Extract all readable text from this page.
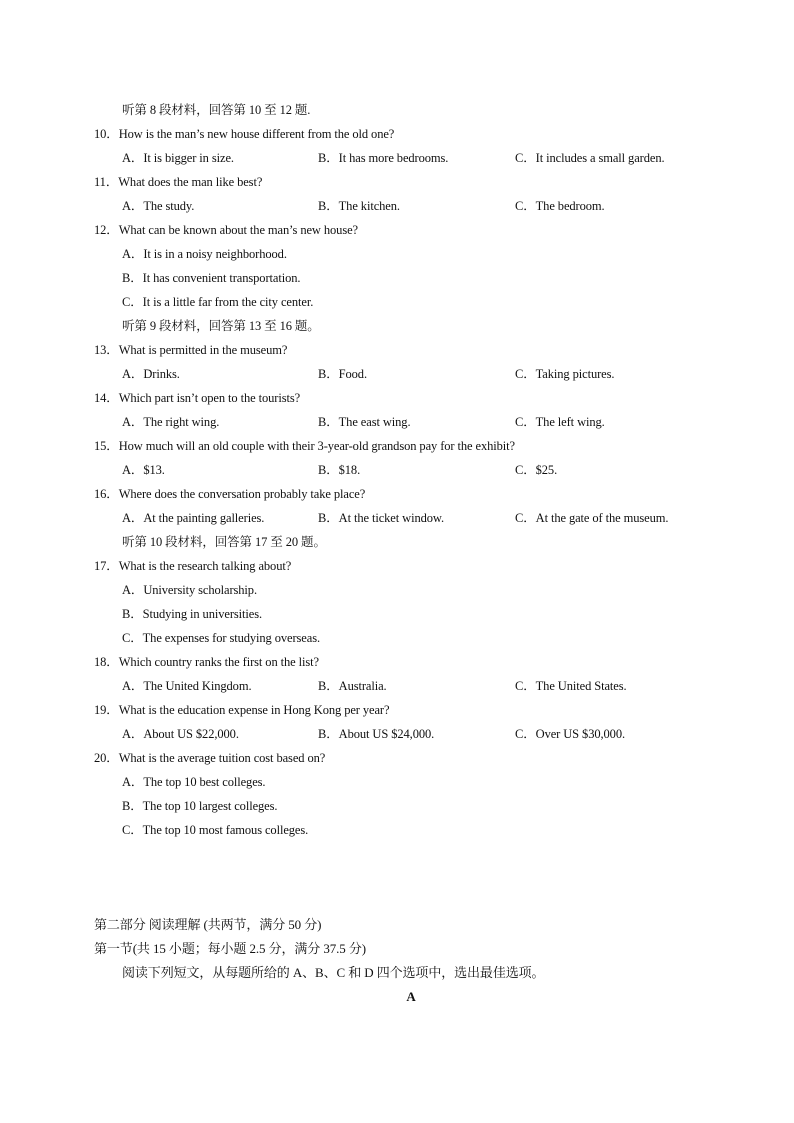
听第 8 段材料，回答第 10 至 12 题.
10．How is the man’s new house different from the old one?
A．It is bigger in size.	B．It has more bedrooms.	C．It includes a small garden.
11．What does the man like best?
A．The study.	B．The kitchen.	C．The bedroom.
12．What can be known about the man’s new house?
A．It is in a noisy neighborhood.
B．It has convenient transportation.
C．It is a little far from the city center.
听第 9 段材料，回答第 13 至 16 题。
13．What is permitted in the museum?
A．Drinks.	B．Food.	C．Taking pictures.
14．Which part isn’t open to the tourists?
A．The right wing.	B．The east wing.	C．The left wing.
15．How much will an old couple with their 3-year-old grandson pay for the exhibit?
A．$13.	B．$18.	C．$25.
16．Where does the conversation probably take place?
A．At the painting galleries.	B．At the ticket window.	C．At the gate of the museum.
听第 10 段材料，回答第 17 至 20 题。
17．What is the research talking about?
A．University scholarship.
B．Studying in universities.
C．The expenses for studying overseas.
18．Which country ranks the first on the list?
A．The United Kingdom.	B．Australia.	C．The United States.
19．What is the education expense in Hong Kong per year?
A．About US $22,000.	B．About US $24,000.	C．Over US $30,000.
20．What is the average tuition cost based on?
A．The top 10 best colleges.
B．The top 10 largest colleges.
C．The top 10 most famous colleges.
第二部分 阅读理解 (共两节，满分 50 分)
第一节(共 15 小题；每小题 2.5 分，满分 37.5 分)
阅读下列短文，从每题所给的 A、B、C 和 D 四个选项中，选出最佳选项。
A
